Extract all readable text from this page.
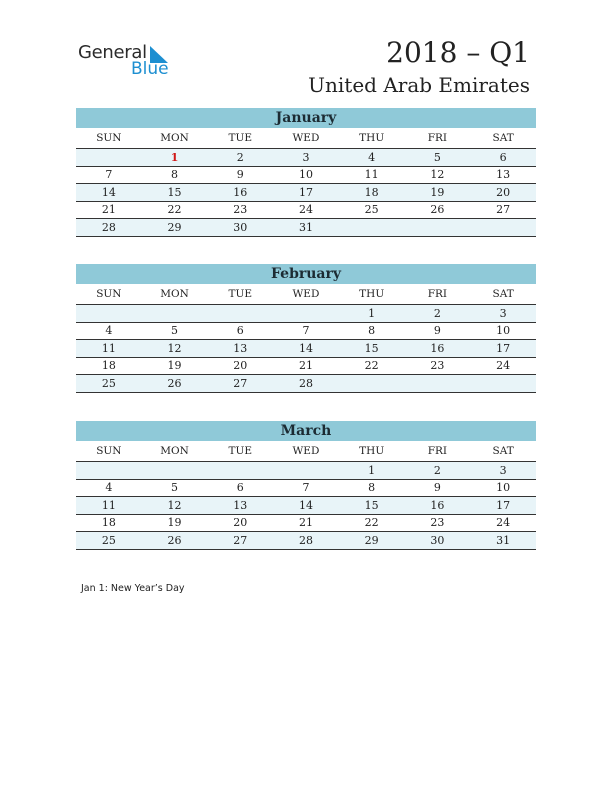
General
Blue	2018 – Q1
United Arab Emirates
January
SUN	MON	TUE	WED	THU	FRI	SAT
	1	2	3	4	5	6
7	8	9	10	11	12	13
14	15	16	17	18	19	20
21	22	23	24	25	26	27
28	29	30	31			
February
SUN	MON	TUE	WED	THU	FRI	SAT
				1	2	3
4	5	6	7	8	9	10
11	12	13	14	15	16	17
18	19	20	21	22	23	24
25	26	27	28			
March
SUN	MON	TUE	WED	THU	FRI	SAT
				1	2	3
4	5	6	7	8	9	10
11	12	13	14	15	16	17
18	19	20	21	22	23	24
25	26	27	28	29	30	31
Jan 1: New Year’s Day
